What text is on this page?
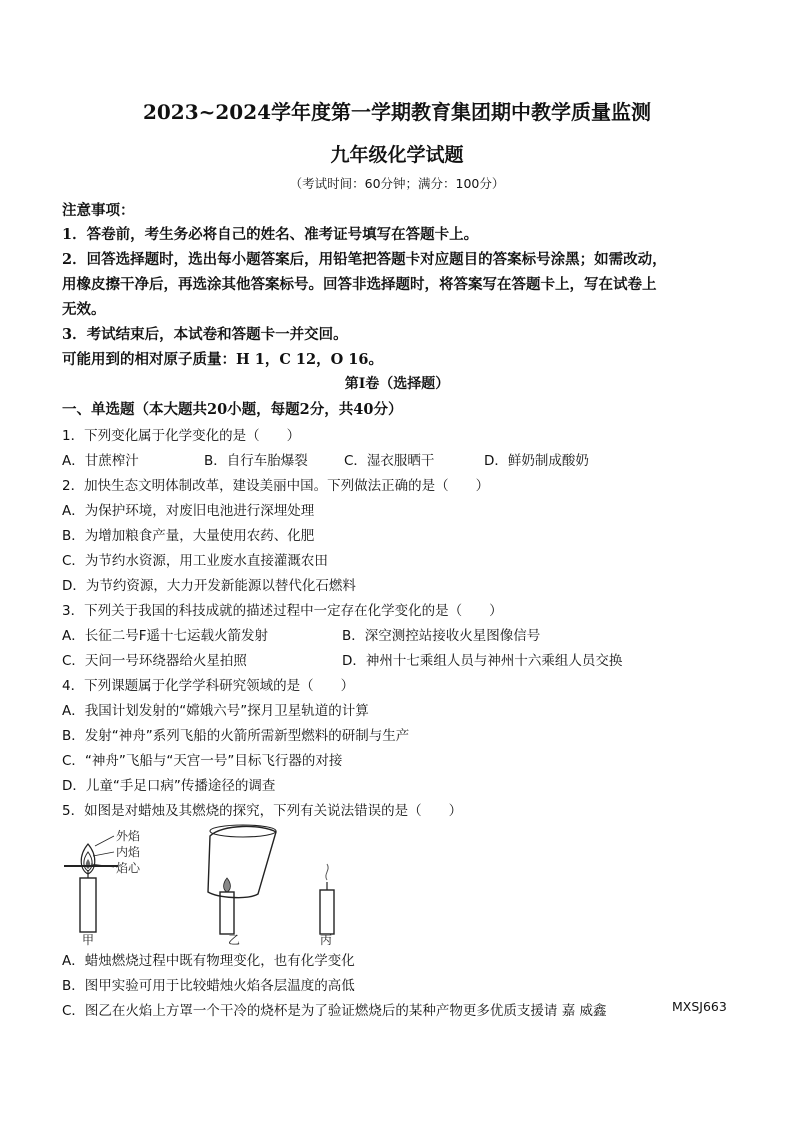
2023~2024学年度第一学期教育集团期中教学质量监测
九年级化学试题
（考试时间：60分钟；满分：100分）
注意事项：
1．答卷前，考生务必将自己的姓名、准考证号填写在答题卡上。
2．回答选择题时，选出每小题答案后，用铅笔把答题卡对应题目的答案标号涂黑；如需改动，
用橡皮擦干净后，再选涂其他答案标号。回答非选择题时，将答案写在答题卡上，写在试卷上
无效。
3．考试结束后，本试卷和答题卡一并交回。
可能用到的相对原子质量：H 1，C 12，O 16。
第Ⅰ卷（选择题）
一、单选题（本大题共20小题，每题2分，共40分）
1．下列变化属于化学变化的是（　　）
A．甘蔗榨汁	B．自行车胎爆裂	C．湿衣服晒干	D．鲜奶制成酸奶
2．加快生态文明体制改革，建设美丽中国。下列做法正确的是（　　）
A．为保护环境，对废旧电池进行深埋处理
B．为增加粮食产量，大量使用农药、化肥
C．为节约水资源，用工业废水直接灌溉农田
D．为节约资源，大力开发新能源以替代化石燃料
3．下列关于我国的科技成就的描述过程中一定存在化学变化的是（　　）
A．长征二号F遥十七运载火箭发射	B．深空测控站接收火星图像信号
C．天问一号环绕器给火星拍照	D．神州十七乘组人员与神州十六乘组人员交换
4．下列课题属于化学学科研究领域的是（　　）
A．我国计划发射的“嫦娥六号”探月卫星轨道的计算
B．发射“神舟”系列飞船的火箭所需新型燃料的研制与生产
C．“神舟”飞船与“天宫一号”目标飞行器的对接
D．儿童“手足口病”传播途径的调查
5．如图是对蜡烛及其燃烧的探究，下列有关说法错误的是（　　）
外焰
内焰
焰心
甲	乙	丙
A．蜡烛燃烧过程中既有物理变化，也有化学变化
B．图甲实验可用于比较蜡烛火焰各层温度的高低
C．图乙在火焰上方罩一个干冷的烧杯是为了验证燃烧后的某种产物更多优质支援请 嘉 威鑫	MXSJ663
